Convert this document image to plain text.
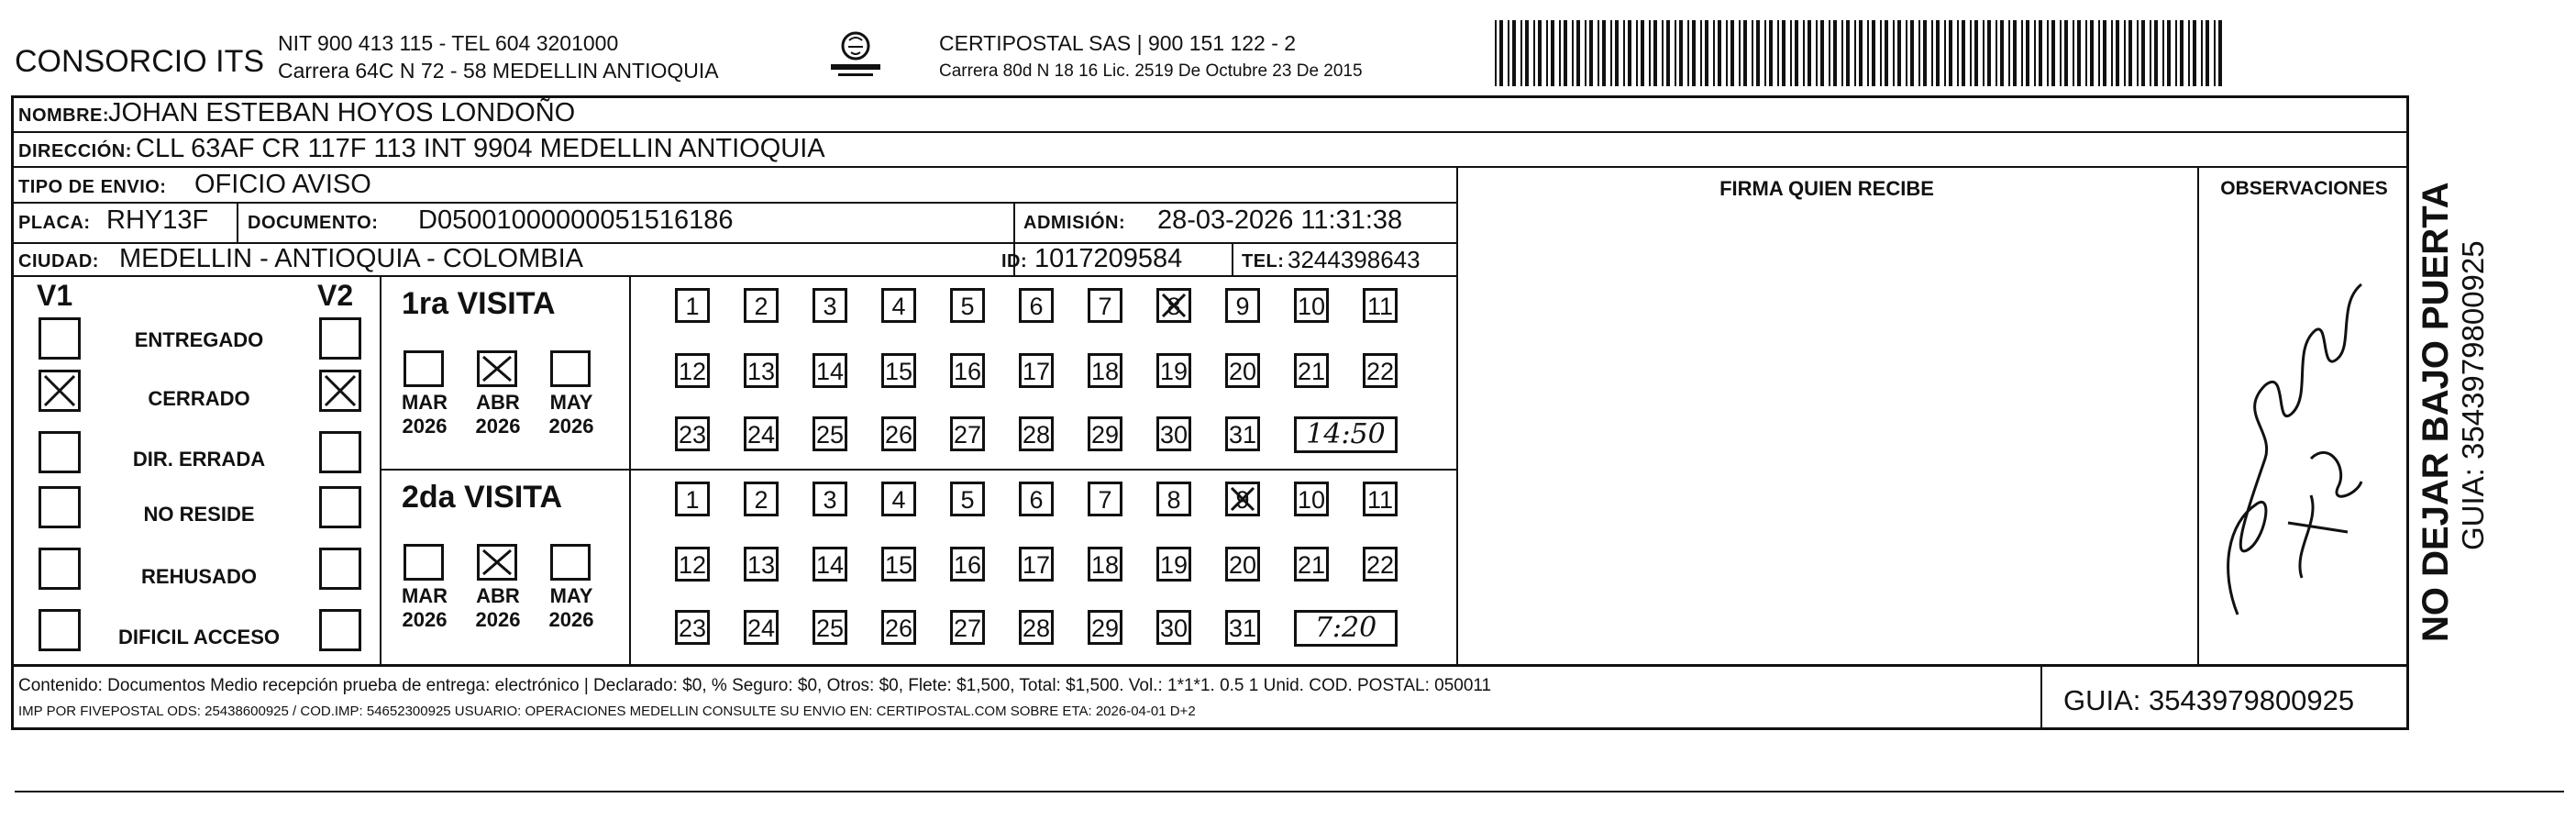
CONSORCIO ITS
NIT 900 413 115 - TEL 604 3201000
Carrera 64C N 72 - 58 MEDELLIN ANTIOQUIA
CERTIPOSTAL SAS | 900 151 122 - 2
Carrera 80d N 18 16 Lic. 2519 De Octubre 23 De 2015
NOMBRE:
JOHAN ESTEBAN HOYOS LONDOÑO
DIRECCIÓN: CLL 63AF CR 117F 113 INT 9904 MEDELLIN ANTIOQUIA
TIPO DE ENVIO: OFICIO AVISO	FIRMA QUIEN RECIBE	OBSERVACIONES
PLACA: RHY13F DOCUMENTO: D05001000000051516186	ADMISIÓN: 28-03-2026 11:31:38
CIUDAD: MEDELLIN - ANTIOQUIA - COLOMBIA	ID: 1017209584	TEL: 3244398643
V1	V2
ENTREGADO
CERRADO
DIR. ERRADA
NO RESIDE
REHUSADO
DIFICIL ACCESO
1ra VISITA
MAR
2026
ABR
2026
MAY
2026
1	2	3	4	5	6	7	8	9	10 11
12 13 14 15 16 17 18 19 20 21 22
23 24 25 26 27 28 29 30 31	14:50
2da VISITA
MAR
2026
ABR
2026
MAY
2026
1	2	3	4	5	6	7	8	9	10 11
12 13 14 15 16 17 18 19 20 21 22
23 24 25 26 27 28 29 30 31	7:20
Contenido: Documentos Medio recepción prueba de entrega: electrónico | Declarado: $0, % Seguro: $0, Otros: $0, Flete: $1,500, Total: $1,500. Vol.: 1*1*1. 0.5 1 Unid. COD. POSTAL: 050011
IMP POR FIVEPOSTAL ODS: 25438600925 / COD.IMP: 54652300925 USUARIO: OPERACIONES MEDELLIN CONSULTE SU ENVIO EN: CERTIPOSTAL.COM SOBRE ETA: 2026-04-01 D+2	GUIA: 3543979800925
NO DEJAR BAJO PUERTA GUIA: 3543979800925
